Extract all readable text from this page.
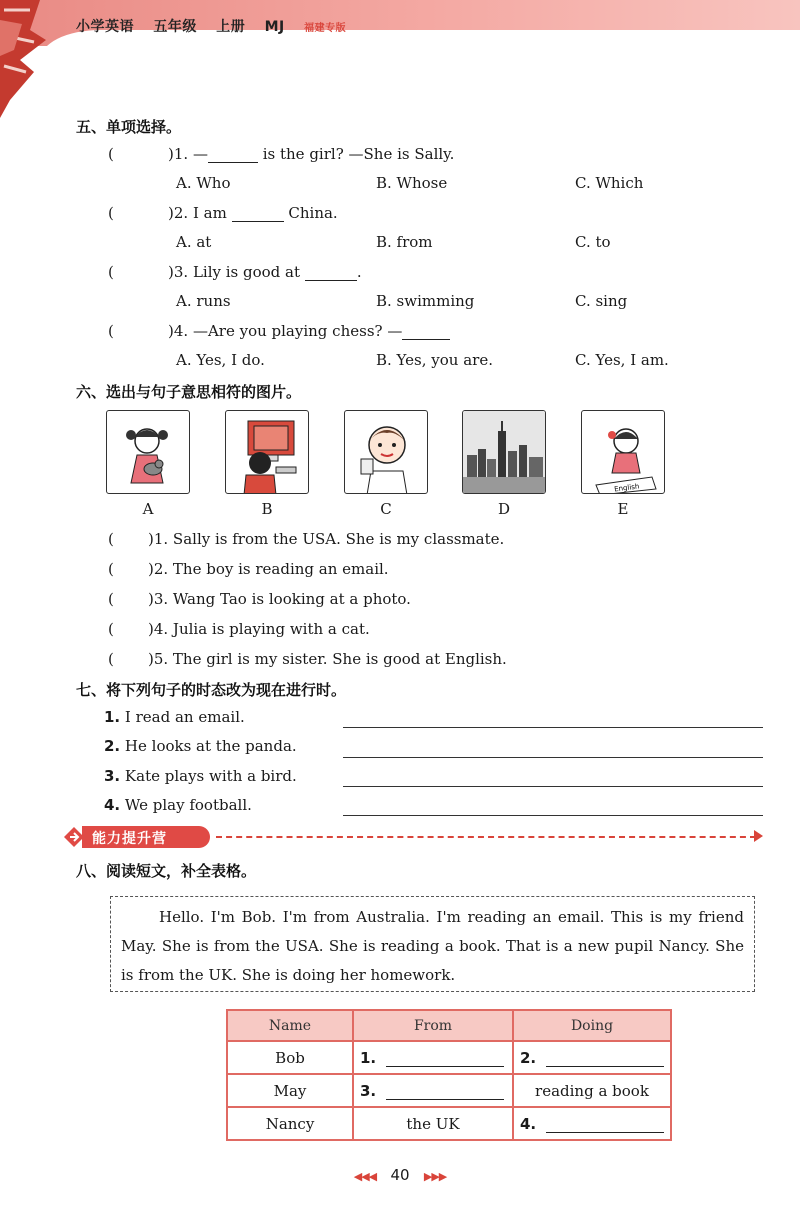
小学英语 五年级 上册 MJ 福建专版
五、单项选择。
(	)1. —	is the girl? —She is Sally.
A. Who	B. Whose	C. Which
(	)2. I am	China.
A. at	B. from	C. to
(	)3. Lily is good at	.
A. runs	B. swimming	C. sing
(	)4. —Are you playing chess? —
A. Yes, I do.	B. Yes, you are.	C. Yes, I am.
六、选出与句子意思相符的图片。
English
A	B	C	D	E
( )1. Sally is from the USA. She is my classmate.
( )2. The boy is reading an email.
( )3. Wang Tao is looking at a photo.
( )4. Julia is playing with a cat.
( )5. The girl is my sister. She is good at English.
七、将下列句子的时态改为现在进行时。
1. I read an email.
2. He looks at the panda.
3. Kate plays with a bird.
4. We play football.
能力提升营
八、阅读短文，补全表格。
Hello. I'm Bob. I'm from Australia. I'm reading an email. This is my friend May. She is from the USA. She is reading a book. That is a new pupil Nancy. She is from the UK. She is doing her homework.
Name	From	Doing
Bob	1.	2.
May	3.	reading a book
Nancy	the UK	4.
◀◀◀ 40 ▶▶▶
